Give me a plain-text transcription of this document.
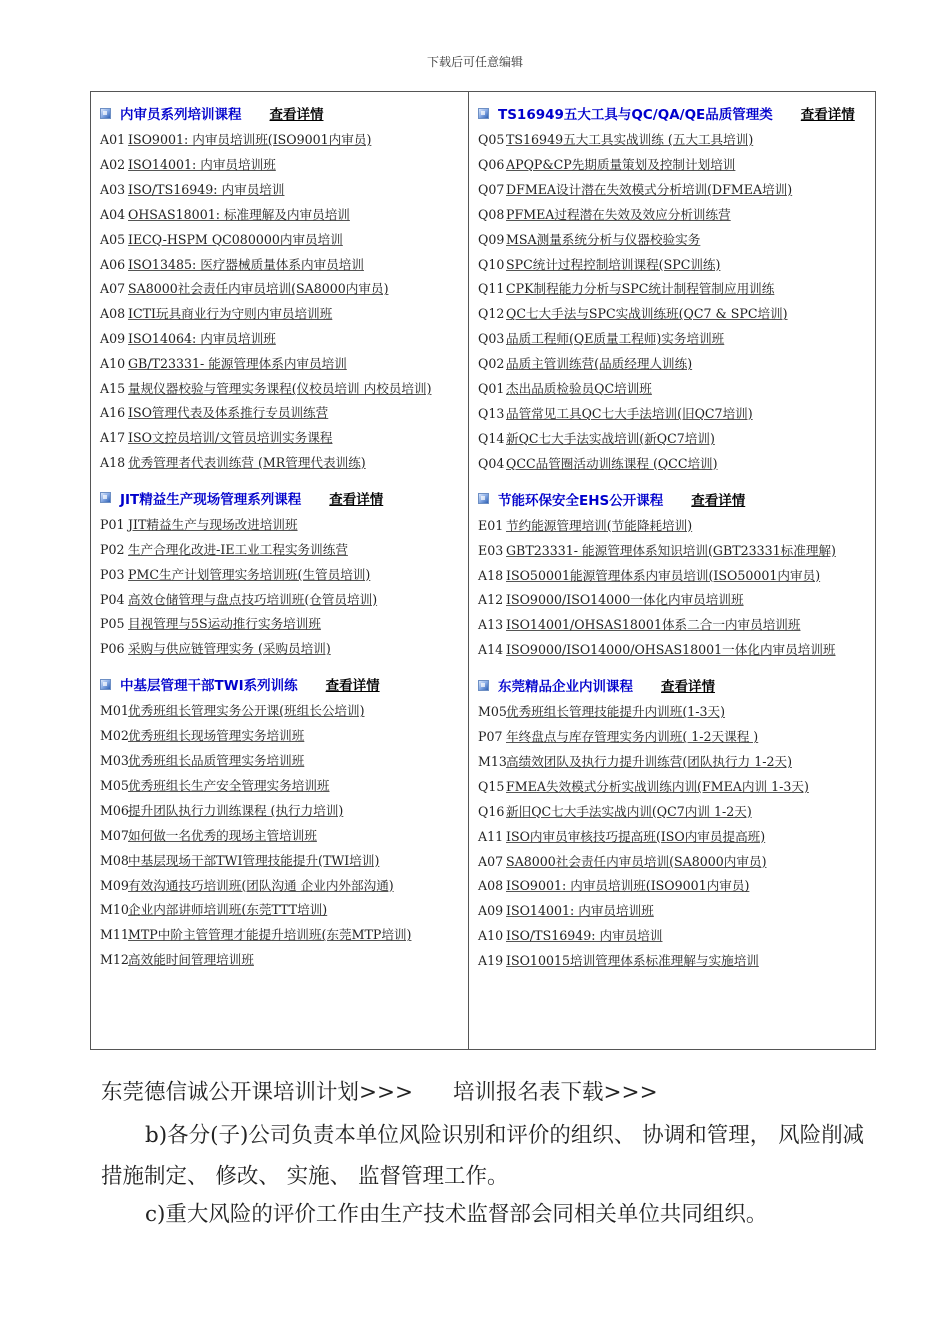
下载后可任意编辑
内审员系列培训课程 查看详情
A01 ISO9001: 内审员培训班(ISO9001内审员)
A02 ISO14001: 内审员培训班
A03 ISO/TS16949: 内审员培训
A04 OHSAS18001: 标准理解及内审员培训
A05 IECQ-HSPM QC080000内审员培训
A06 ISO13485: 医疗器械质量体系内审员培训
A07 SA8000社会责任内审员培训(SA8000内审员)
A08 ICTI玩具商业行为守则内审员培训班
A09 ISO14064: 内审员培训班
A10 GB/T23331- 能源管理体系内审员培训
A15 量规仪器校验与管理实务课程(仪校员培训 内校员培训)
A16 ISO管理代表及体系推行专员训练营
A17 ISO文控员培训/文管员培训实务课程
A18 优秀管理者代表训练营 (MR管理代表训练)
JIT精益生产现场管理系列课程 查看详情
P01 JIT精益生产与现场改进培训班
P02 生产合理化改进-IE工业工程实务训练营
P03 PMC生产计划管理实务培训班(生管员培训)
P04 高效仓储管理与盘点技巧培训班(仓管员培训)
P05 目视管理与5S运动推行实务培训班
P06 采购与供应链管理实务 (采购员培训)
中基层管理干部TWI系列训练 查看详情
M01优秀班组长管理实务公开课(班组长公培训)
M02优秀班组长现场管理实务培训班
M03优秀班组长品质管理实务培训班
M05优秀班组长生产安全管理实务培训班
M06提升团队执行力训练课程 (执行力培训)
M07如何做一名优秀的现场主管培训班
M08中基层现场干部TWI管理技能提升(TWI培训)
M09有效沟通技巧培训班(团队沟通 企业内外部沟通)
M10企业内部讲师培训班(东莞TTT培训)
M11MTP中阶主管管理才能提升培训班(东莞MTP培训)
M12高效能时间管理培训班
TS16949五大工具与QC/QA/QE品质管理类 查看详情
Q05 TS16949五大工具实战训练 (五大工具培训)
Q06 APQP&CP先期质量策划及控制计划培训
Q07 DFMEA设计潜在失效模式分析培训(DFMEA培训)
Q08 PFMEA过程潜在失效及效应分析训练营
Q09 MSA测量系统分析与仪器校验实务
Q10 SPC统计过程控制培训课程(SPC训练)
Q11 CPK制程能力分析与SPC统计制程管制应用训练
Q12 QC七大手法与SPC实战训练班(QC7 & SPC培训)
Q03 品质工程师(QE质量工程师)实务培训班
Q02 品质主管训练营(品质经理人训练)
Q01 杰出品质检验员QC培训班
Q13 品管常见工具QC七大手法培训(旧QC7培训)
Q14 新QC七大手法实战培训(新QC7培训)
Q04 QCC品管圈活动训练课程 (QCC培训)
节能环保安全EHS公开课程 查看详情
E01 节约能源管理培训(节能降耗培训)
E03 GBT23331- 能源管理体系知识培训(GBT23331标准理解)
A18 ISO50001能源管理体系内审员培训(ISO50001内审员)
A12 ISO9000/ISO14000一体化内审员培训班
A13 ISO14001/OHSAS18001体系二合一内审员培训班
A14 ISO9000/ISO14000/OHSAS18001一体化内审员培训班
东莞精品企业内训课程 查看详情
M05优秀班组长管理技能提升内训班(1-3天)
P07 年终盘点与库存管理实务内训班( 1-2天课程 )
M13高绩效团队及执行力提升训练营(团队执行力 1-2天)
Q15 FMEA失效模式分析实战训练内训(FMEA内训 1-3天)
Q16 新旧QC七大手法实战内训(QC7内训 1-2天)
A11 ISO内审员审核技巧提高班(ISO内审员提高班)
A07 SA8000社会责任内审员培训(SA8000内审员)
A08 ISO9001: 内审员培训班(ISO9001内审员)
A09 ISO14001: 内审员培训班
A10 ISO/TS16949: 内审员培训
A19 ISO10015培训管理体系标准理解与实施培训
东莞德信诚公开课培训计划>>> 培训报名表下载>>>
b)各分(子)公司负责本单位风险识别和评价的组织、 协调和管理， 风险削减措施制定、 修改、 实施、 监督管理工作。
c)重大风险的评价工作由生产技术监督部会同相关单位共同组织。
